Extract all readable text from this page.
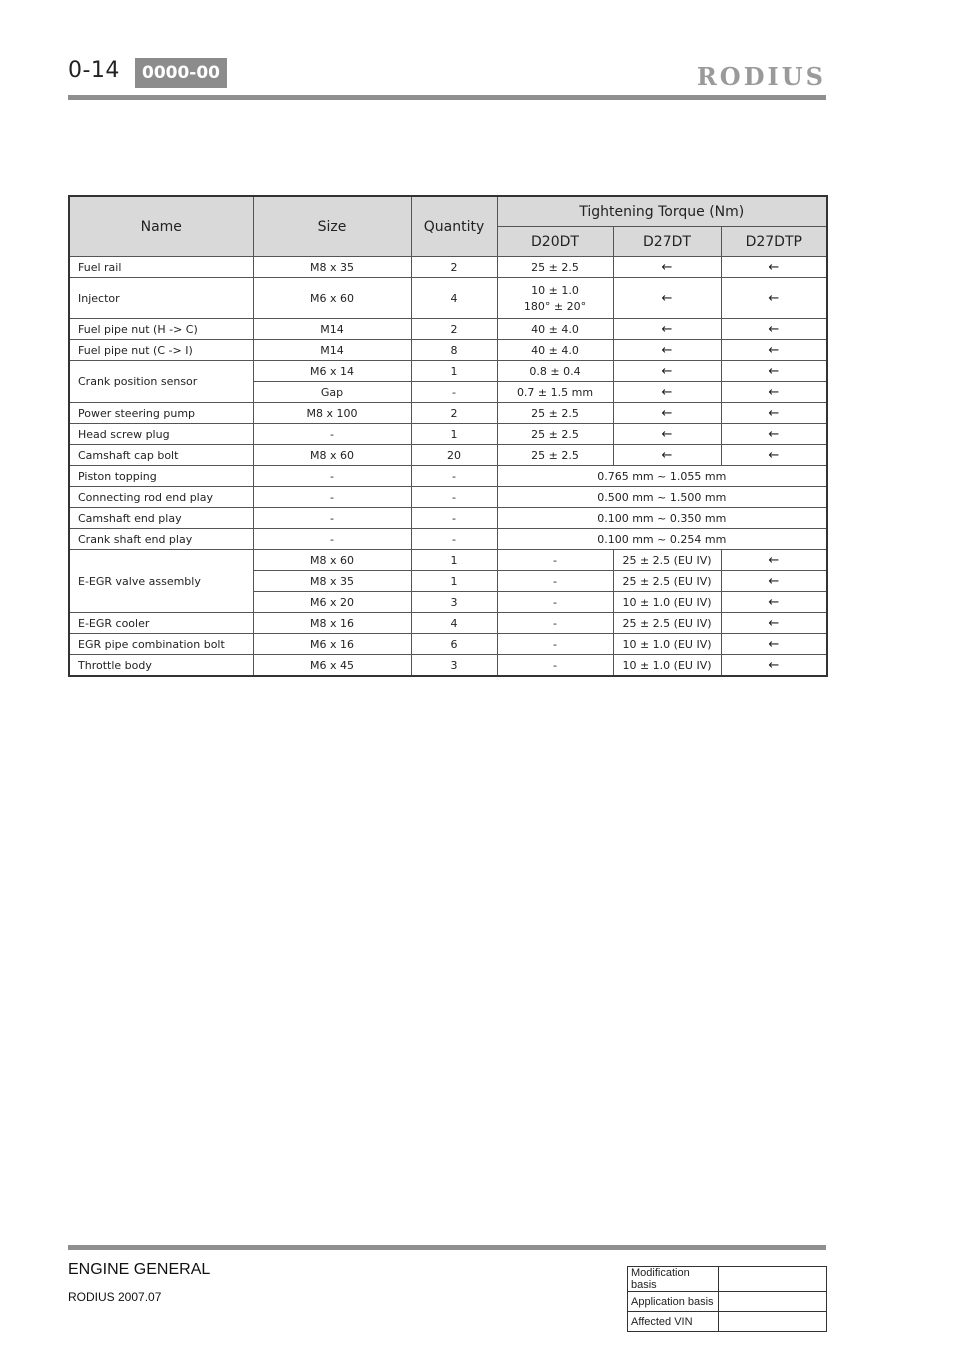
0-14	0000-00	RODIUS
Name	Size	Quantity	Tightening Torque (Nm)		
			D20DT	D27DT	D27DTP
Fuel rail	M8 x 35	2	25 ± 2.5	←	←
Injector	M6 x 60	4	10 ± 1.0
180° ± 20°	←	←
Fuel pipe nut (H -> C)	M14	2	40 ± 4.0	←	←
Fuel pipe nut (C -> I)	M14	8	40 ± 4.0	←	←
Crank position sensor	M6 x 14	1	0.8 ± 0.4	←	←
	Gap	-	0.7 ± 1.5 mm	←	←
Power steering pump	M8 x 100	2	25 ± 2.5	←	←
Head screw plug	-	1	25 ± 2.5	←	←
Camshaft cap bolt	M8 x 60	20	25 ± 2.5	←	←
Piston topping	-	-	0.765 mm ~ 1.055 mm		
Connecting rod end play	-	-	0.500 mm ~ 1.500 mm		
Camshaft end play	-	-	0.100 mm ~ 0.350 mm		
Crank shaft end play	-	-	0.100 mm ~ 0.254 mm		
E-EGR valve assembly	M8 x 60	1	-	25 ± 2.5 (EU IV)	←
	M8 x 35	1	-	25 ± 2.5 (EU IV)	←
	M6 x 20	3	-	10 ± 1.0 (EU IV)	←
E-EGR cooler	M8 x 16	4	-	25 ± 2.5 (EU IV)	←
EGR pipe combination bolt	M6 x 16	6	-	10 ± 1.0 (EU IV)	←
Throttle body	M6 x 45	3	-	10 ± 1.0 (EU IV)	←
ENGINE GENERAL
RODIUS 2007.07
Modification basis	
Application basis	
Affected VIN	
